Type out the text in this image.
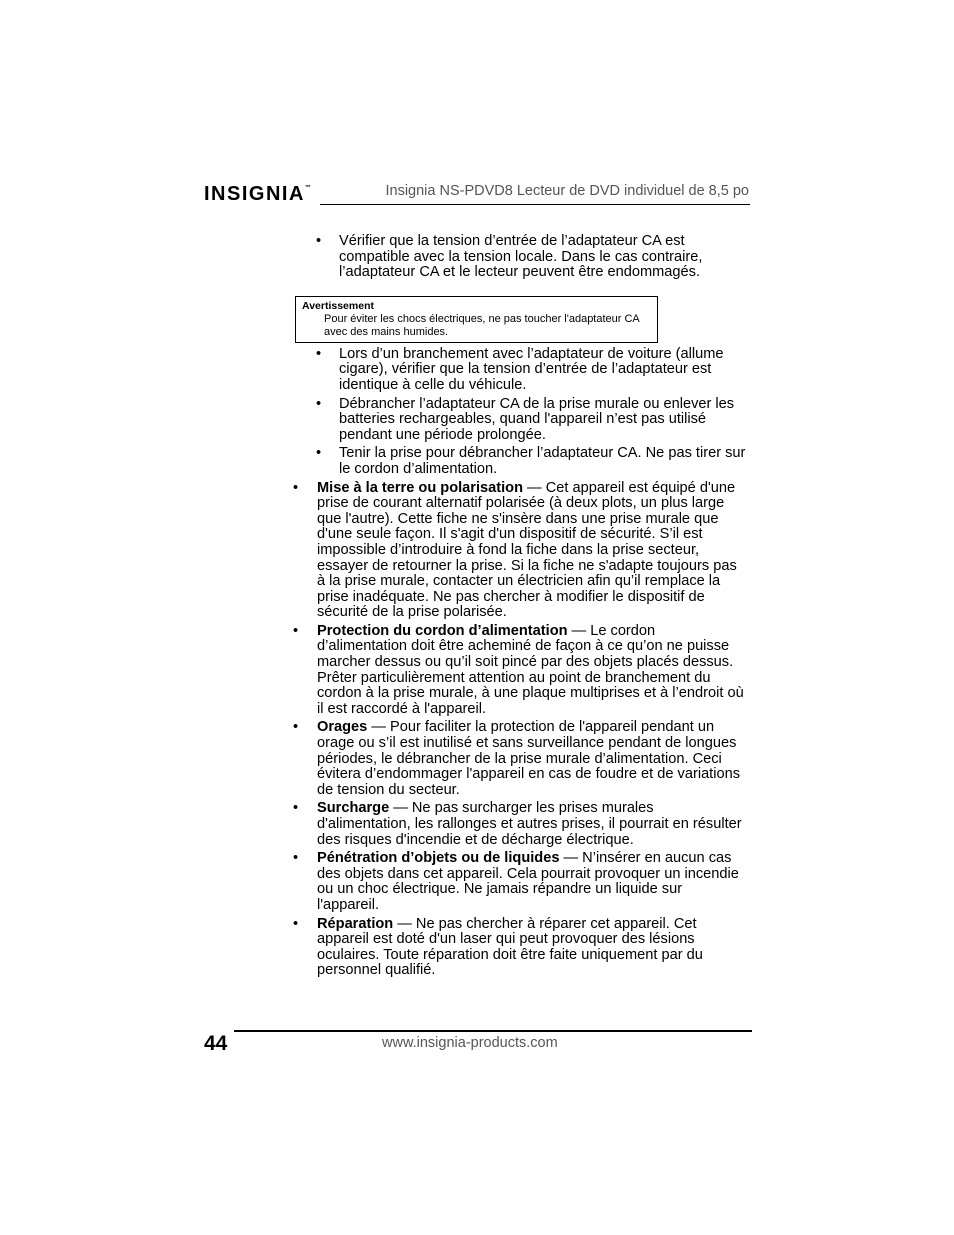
INSIGNIA™	Insignia NS-PDVD8 Lecteur de DVD individuel de 8,5 po
• Vérifier que la tension d’entrée de l’adaptateur CA est compatible avec la tension locale. Dans le cas contraire, l’adaptateur CA et le lecteur peuvent être endommagés.
Avertissement
Pour éviter les chocs électriques, ne pas toucher l'adaptateur CA avec des mains humides.
• Lors d’un branchement avec l’adaptateur de voiture (allume cigare), vérifier que la tension d’entrée de l’adaptateur est identique à celle du véhicule.
• Débrancher l’adaptateur CA de la prise murale ou enlever les batteries rechargeables, quand l'appareil n’est pas utilisé pendant une période prolongée.
• Tenir la prise pour débrancher l’adaptateur CA. Ne pas tirer sur le cordon d’alimentation.
• Mise à la terre ou polarisation — Cet appareil est équipé d'une prise de courant alternatif polarisée (à deux plots, un plus large que l'autre). Cette fiche ne s'insère dans une prise murale que d'une seule façon. Il s'agit d'un dispositif de sécurité. S’il est impossible d’introduire à fond la fiche dans la prise secteur, essayer de retourner la prise. Si la fiche ne s'adapte toujours pas à la prise murale, contacter un électricien afin qu’il remplace la prise inadéquate. Ne pas chercher à modifier le dispositif de sécurité de la prise polarisée.
• Protection du cordon d’alimentation — Le cordon d’alimentation doit être acheminé de façon à ce qu’on ne puisse marcher dessus ou qu’il soit pincé par des objets placés dessus. Prêter particulièrement attention au point de branchement du cordon à la prise murale, à une plaque multiprises et à l’endroit où il est raccordé à l'appareil.
• Orages — Pour faciliter la protection de l'appareil pendant un orage ou s’il est inutilisé et sans surveillance pendant de longues périodes, le débrancher de la prise murale d’alimentation. Ceci évitera d’endommager l'appareil en cas de foudre et de variations de tension du secteur.
• Surcharge — Ne pas surcharger les prises murales d'alimentation, les rallonges et autres prises, il pourrait en résulter des risques d'incendie et de décharge électrique.
• Pénétration d’objets ou de liquides — N’insérer en aucun cas des objets dans cet appareil. Cela pourrait provoquer un incendie ou un choc électrique. Ne jamais répandre un liquide sur l'appareil.
• Réparation — Ne pas chercher à réparer cet appareil. Cet appareil est doté d'un laser qui peut provoquer des lésions oculaires. Toute réparation doit être faite uniquement par du personnel qualifié.
44	www.insignia-products.com
